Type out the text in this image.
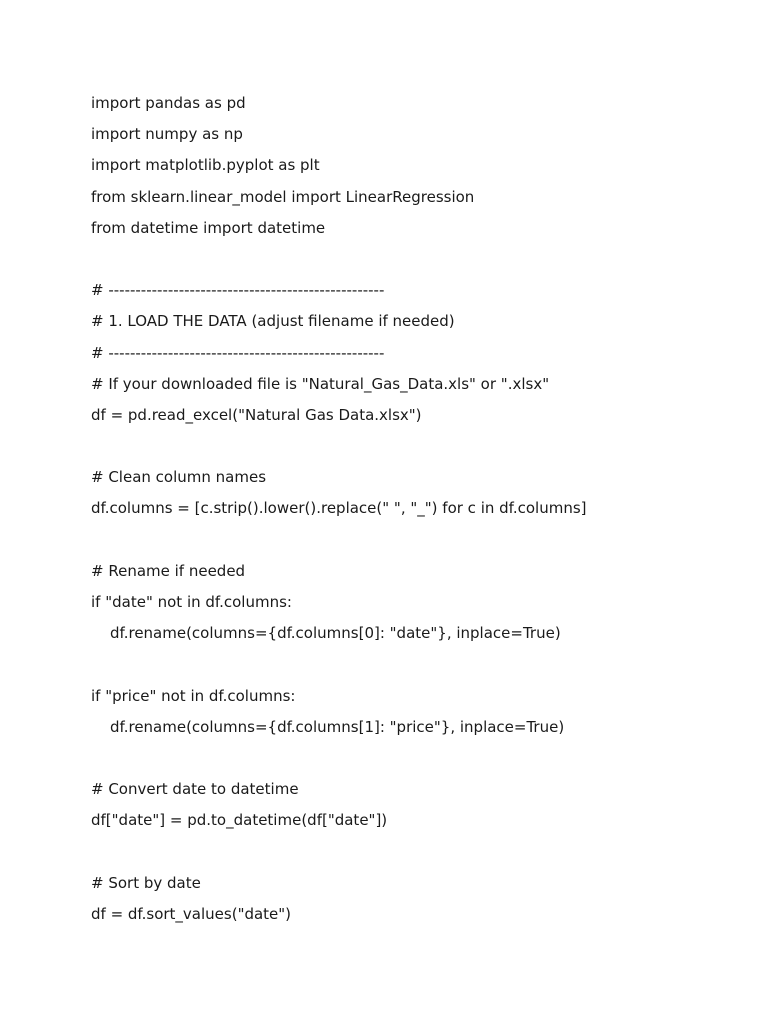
import pandas as pd
import numpy as np
import matplotlib.pyplot as plt
from sklearn.linear_model import LinearRegression
from datetime import datetime
# ---------------------------------------------------
# 1. LOAD THE DATA (adjust filename if needed)
# ---------------------------------------------------
# If your downloaded file is "Natural_Gas_Data.xls" or ".xlsx"
df = pd.read_excel("Natural Gas Data.xlsx")
# Clean column names
df.columns = [c.strip().lower().replace(" ", "_") for c in df.columns]
# Rename if needed
if "date" not in df.columns:
df.rename(columns={df.columns[0]: "date"}, inplace=True)
if "price" not in df.columns:
df.rename(columns={df.columns[1]: "price"}, inplace=True)
# Convert date to datetime
df["date"] = pd.to_datetime(df["date"])
# Sort by date
df = df.sort_values("date")
